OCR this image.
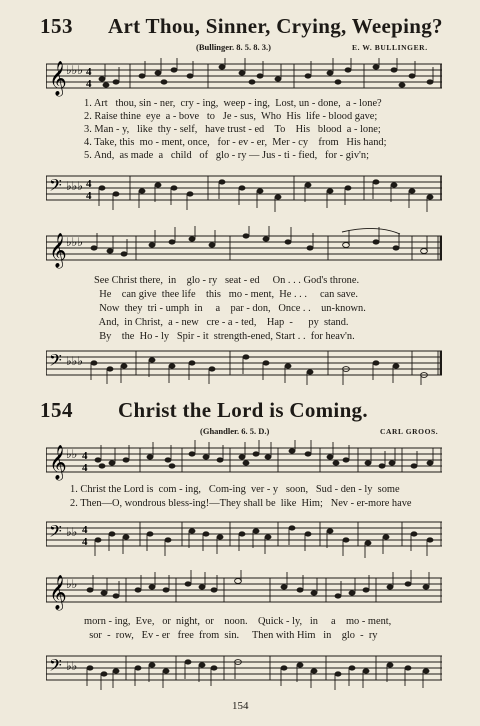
153 Art Thou, Sinner, Crying, Weeping?
(Bullinger. 8. 5. 8. 3.)	E. W. BULLINGER.
𝄞 ♭♭♭ 4
4
1. Art   thou, sin - ner,  cry - ing,  weep - ing,  Lost, un - done,  a - lone?
2. Raise thine  eye  a - bove   to   Je - sus,  Who  His  life - blood gave;
3. Man - y,   like  thy - self,   have trust - ed    To    His   blood  a - lone;
4. Take, this  mo - ment, once,   for - ev - er,  Mer - cy    from   His hand;
5. And,  as made  a   child   of   glo - ry — Jus - ti - fied,   for - giv'n;
𝄢 ♭♭♭ 4
4
𝄞 ♭♭♭
See Christ there,  in    glo - ry   seat - ed     On . . . God's throne.
He    can give  thee life    this   mo - ment,  He . . .     can save.
Now  they  tri - umph  in     a    par - don,   Once . .    un-known.
And,  in Christ,  a - new   cre - a - ted,    Hap  -      py  stand.
By    the  Ho - ly   Spir - it  strength-ened, Start . .  for heav'n.
𝄢 ♭♭♭
154 Christ the Lord is Coming.
(Ghandler. 6. 5. D.)	CARL GROOS.
𝄞 ♭♭ 4
4
1. Christ the Lord is  com - ing,   Com-ing  ver - y   soon,   Sud - den - ly  some
2. Then—O, wondrous bless-ing!—They shall be  like  Him;   Nev - er-more have
𝄢 ♭♭ 4
4
𝄞 ♭♭
morn - ing,  Eve,   or  night,  or    noon.    Quick - ly,   in     a    mo - ment,
sor  -  row,   Ev - er   free  from  sin.     Then with Him   in    glo  -  ry
𝄢 ♭♭
154
